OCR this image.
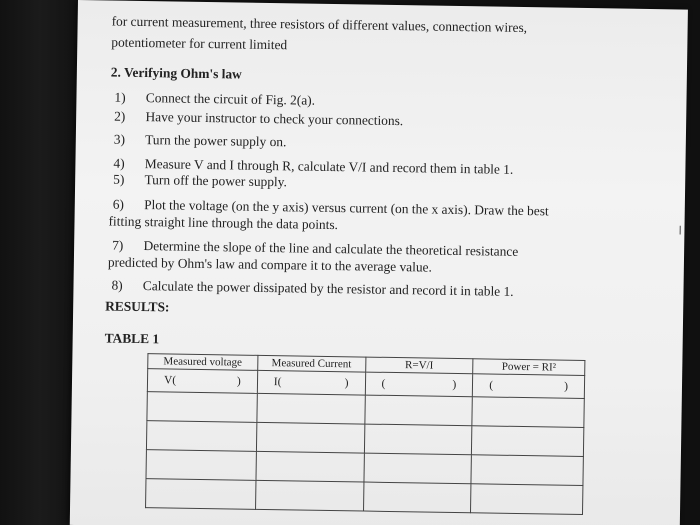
for current measurement, three resistors of different values, connection wires,
potentiometer for current limited
2. Verifying Ohm's law
1) Connect the circuit of Fig. 2(a).
2) Have your instructor to check your connections.
3) Turn the power supply on.
4) Measure V and I through R, calculate V/I and record them in table 1.
5) Turn off the power supply.
6) Plot the voltage (on the y axis) versus current (on the x axis). Draw the best
fitting straight line through the data points.
7) Determine the slope of the line and calculate the theoretical resistance
predicted by Ohm's law and compare it to the average value.
8) Calculate the power dissipated by the resistor and record it in table 1.
RESULTS:
TABLE 1
I
Measured voltage	Measured Current	R=V/I	Power = RI²

V( )	I( )	( )	( )
